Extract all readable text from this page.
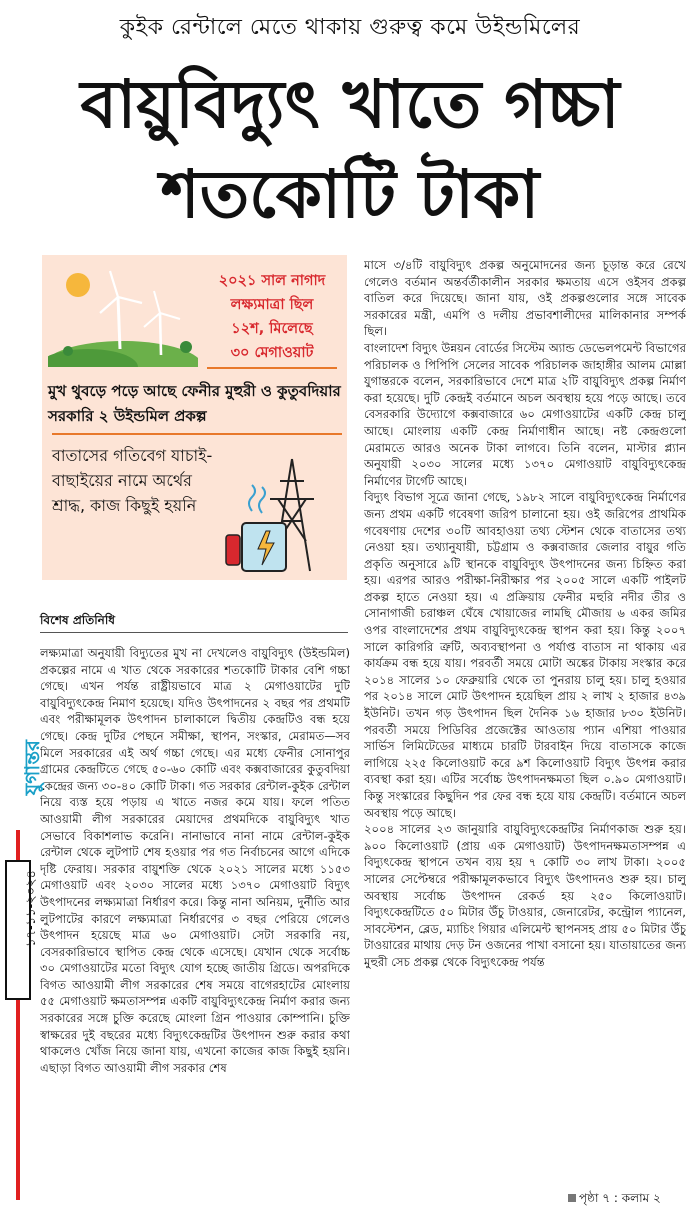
কুইক রেন্টালে মেতে থাকায় গুরুত্ব কমে উইন্ডমিলের
বায়ুবিদ্যুৎ খাতে গচ্চা
শতকোটি টাকা
২০২১ সাল নাগাদ
লক্ষ্যমাত্রা ছিল
১২শ, মিলেছে
৩০ মেগাওয়াট
মুখ থুবড়ে পড়ে আছে ফেনীর মুহুরী ও কুতুবদিয়ার সরকারি ২ উইন্ডমিল প্রকল্প
বাতাসের গতিবেগ যাচাই-বাছাইয়ের নামে অর্থের শ্রাদ্ধ, কাজ কিছুই হয়নি
বিশেষ প্রতিনিধি

লক্ষ্যমাত্রা অনুযায়ী বিদ্যুতের মুখ না দেখলেও বায়ুবিদ্যুৎ (উইন্ডমিল) প্রকল্পের নামে এ খাত থেকে সরকারের শতকোটি টাকার বেশি গচ্চা গেছে। এখন পর্যন্ত রাষ্ট্রীয়ভাবে মাত্র ২ মেগাওয়াটের দুটি বায়ুবিদ্যুৎকেন্দ্র নিমাণ হয়েছে। যদিও উৎপাদনের ২ বছর পর প্রথমটি এবং পরীক্ষামূলক উৎপাদন চালাকালে দ্বিতীয় কেন্দ্রটিও বন্ধ হয়ে গেছে। কেন্দ্র দুটির পেছনে সমীক্ষা, স্থাপন, সংস্কার, মেরামত—সব মিলে সরকারের এই অর্থ গচ্চা গেছে। এর মধ্যে ফেনীর সোনাপুর গ্রামের কেন্দ্রটিতে গেছে ৫০-৬০ কোটি এবং কক্সবাজারের কুতুবদিয়া কেন্দ্রের জন্য ৩০-৪০ কোটি টাকা। গত সরকার রেন্টাল-কুইক রেন্টাল নিয়ে ব্যস্ত হয়ে পড়ায় এ খাতে নজর কমে যায়। ফলে পতিত আওয়ামী লীগ সরকারের মেয়াদের প্রথমদিকে বায়ুবিদ্যুৎ খাত সেভাবে বিকাশলাভ করেনি। নানাভাবে নানা নামে রেন্টাল-কুইক রেন্টাল থেকে লুটপাট শেষ হওয়ার পর গত নির্বাচনের আগে এদিকে দৃষ্টি ফেরায়। সরকার বায়ুশক্তি থেকে ২০২১ সালের মধ্যে ১১৫৩ মেগাওয়াট এবং ২০৩০ সালের মধ্যে ১৩৭০ মেগাওয়াট বিদ্যুৎ উৎপাদনের লক্ষ্যমাত্রা নির্ধারণ করে। কিন্তু নানা অনিয়ম, দুর্নীতি আর লুটপাটের কারণে লক্ষ্যমাত্রা নির্ধারণের ৩ বছর পেরিয়ে গেলেও উৎপাদন হয়েছে মাত্র ৬০ মেগাওয়াট। সেটা সরকারি নয়, বেসরকারিভাবে স্থাপিত কেন্দ্র থেকে এসেছে। যেখান থেকে সর্বোচ্চ ৩০ মেগাওয়াটের মতো বিদ্যুৎ যোগ হচ্ছে জাতীয় গ্রিডে। অপরদিকে বিগত আওয়ামী লীগ সরকারের শেষ সময়ে বাগেরহাটের মোংলায় ৫৫ মেগাওয়াট ক্ষমতাসম্পন্ন একটি বায়ুবিদ্যুৎকেন্দ্র নির্মাণ করার জন্য সরকারের সঙ্গে চুক্তি করেছে মোংলা গ্রিন পাওয়ার কোম্পানি। চুক্তি স্বাক্ষরের দুই বছরের মধ্যে বিদ্যুৎকেন্দ্রটির উৎপাদন শুরু করার কথা থাকলেও খোঁজ নিয়ে জানা যায়, এখনো কাজের কাজ কিছুই হয়নি। এছাড়া বিগত আওয়ামী লীগ সরকার শেষ

মাসে ৩/৪টি বায়ুবিদ্যুৎ প্রকল্প অনুমোদনের জন্য চূড়ান্ত করে রেখে গেলেও বর্তমান অন্তর্বর্তীকালীন সরকার ক্ষমতায় এসে ওইসব প্রকল্প বাতিল করে দিয়েছে। জানা যায়, ওই প্রকল্পগুলোর সঙ্গে সাবেক সরকারের মন্ত্রী, এমপি ও দলীয় প্রভাবশালীদের মালিকানার সম্পর্ক ছিল।

বাংলাদেশ বিদ্যুৎ উন্নয়ন বোর্ডের সিস্টেম অ্যান্ড ডেভেলপমেন্ট বিভাগের পরিচালক ও পিপিপি সেলের সাবেক পরিচালক জাহাঙ্গীর আলম মোল্লা যুগান্তরকে বলেন, সরকারিভাবে দেশে মাত্র ২টি বায়ুবিদ্যুৎ প্রকল্প নির্মাণ করা হয়েছে। দুটি কেন্দ্রই বর্তমানে অচল অবস্থায় হয়ে পড়ে আছে। তবে বেসরকারি উদ্যোগে কক্সবাজারে ৬০ মেগাওয়াটের একটি কেন্দ্র চালু আছে। মোংলায় একটি কেন্দ্র নির্মাণাধীন আছে। নষ্ট কেন্দ্রগুলো মেরামতে আরও অনেক টাকা লাগবে। তিনি বলেন, মাস্টার প্ল্যান অনুযায়ী ২০৩০ সালের মধ্যে ১৩৭০ মেগাওয়াট বায়ুবিদ্যুৎকেন্দ্র নির্মাণের টার্গেট আছে।

বিদ্যুৎ বিভাগ সূত্রে জানা গেছে, ১৯৮২ সালে বায়ুবিদ্যুৎকেন্দ্র নির্মাণের জন্য প্রথম একটি গবেষণা জরিপ চালানো হয়। ওই জরিপের প্রাথমিক গবেষণায় দেশের ৩০টি আবহাওয়া তথ্য স্টেশন থেকে বাতাসের তথ্য নেওয়া হয়। তথ্যানুযায়ী, চট্টগ্রাম ও কক্সবাজার জেলার বায়ুর গতি প্রকৃতি অনুসারে ৯টি স্থানকে বায়ুবিদ্যুৎ উৎপাদনের জন্য চিহ্নিত করা হয়। এরপর আরও পরীক্ষা-নিরীক্ষার পর ২০০৫ সালে একটি পাইলট প্রকল্প হাতে নেওয়া হয়। এ প্রক্রিয়ায় ফেনীর মহুরি নদীর তীর ও সোনাগাজী চরাঞ্চল ঘেঁষে খোয়াজের লামছি মৌজায় ৬ একর জমির ওপর বাংলাদেশের প্রথম বায়ুবিদ্যুৎকেন্দ্র স্থাপন করা হয়। কিন্তু ২০০৭ সালে কারিগরি ত্রুটি, অব্যবস্থাপনা ও পর্যাপ্ত বাতাস না থাকায় এর কার্যক্রম বন্ধ হয়ে যায়। পরবর্তী সময়ে মোটা অঙ্কের টাকায় সংস্কার করে ২০১৪ সালের ১০ ফেব্রুয়ারি থেকে তা পুনরায় চালু হয়। চালু হওয়ার পর ২০১৪ সালে মোট উৎপাদন হয়েছিল প্রায় ২ লাখ ২ হাজার ৪৩৯ ইউনিট। তখন গড় উৎপাদন ছিল দৈনিক ১৬ হাজার ৮৩০ ইউনিট। পরবর্তী সময়ে পিডিবির প্রজেক্টের আওতায় প্যান এশিয়া পাওয়ার সার্ভিস লিমিটেডের মাধ্যমে চারটি টারবাইন দিয়ে বাতাসকে কাজে লাগিয়ে ২২৫ কিলোওয়াট করে ৯শ কিলোওয়াট বিদ্যুৎ উৎপন্ন করার ব্যবস্থা করা হয়। এটির সর্বোচ্চ উৎপাদনক্ষমতা ছিল ০.৯০ মেগাওয়াট। কিন্তু সংস্কারের কিছুদিন পর ফের বন্ধ হয়ে যায় কেন্দ্রটি। বর্তমানে অচল অবস্থায় পড়ে আছে।

২০০৪ সালের ২৩ জানুয়ারি বায়ুবিদ্যুৎকেন্দ্রটির নির্মাণকাজ শুরু হয়। ৯০০ কিলোওয়াট (প্রায় এক মেগাওয়াট) উৎপাদনক্ষমতাসম্পন্ন এ বিদ্যুৎকেন্দ্র স্থাপনে তখন ব্যয় হয় ৭ কোটি ৩০ লাখ টাকা। ২০০৫ সালের সেপ্টেম্বরে পরীক্ষামূলকভাবে বিদ্যুৎ উৎপাদনও শুরু হয়। চালু অবস্থায় সর্বোচ্চ উৎপাদন রেকর্ড হয় ২৫০ কিলোওয়াট। বিদ্যুৎকেন্দ্রটিতে ৫০ মিটার উঁচু টাওয়ার, জেনারেটর, কন্ট্রোল প্যানেল, সাবস্টেশন, ব্লেড, ম্যাচিং গিয়ার এলিমেন্ট স্থাপনসহ প্রায় ৫০ মিটার উঁচু টাওয়ারের মাথায় দেড় টন ওজনের পাখা বসানো হয়। যাতায়াতের জন্য মুহুরী সেচ প্রকল্প থেকে বিদ্যুৎকেন্দ্র পর্যন্ত

পৃষ্ঠা ৭ : কলাম ২
যুগান্তর
১৭-১১-২০২৪
